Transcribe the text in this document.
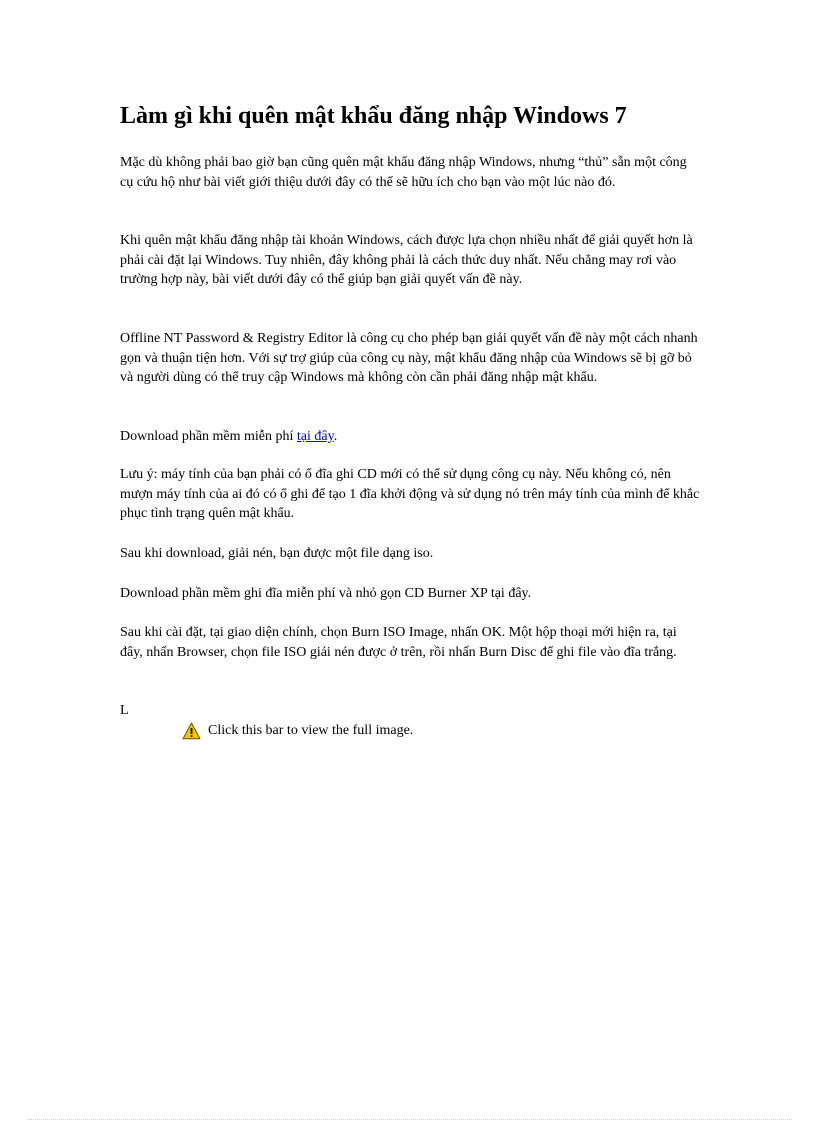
Làm gì khi quên mật khẩu đăng nhập Windows 7

Mặc dù không phải bao giờ bạn cũng quên mật khẩu đăng nhập Windows, nhưng “thủ” sẵn một công cụ cứu hộ như bài viết giới thiệu dưới đây có thể sẽ hữu ích cho bạn vào một lúc nào đó.

Khi quên mật khẩu đăng nhập tài khoản Windows, cách được lựa chọn nhiều nhất để giải quyết hơn là phải cài đặt lại Windows. Tuy nhiên, đây không phải là cách thức duy nhất. Nếu chẳng may rơi vào trường hợp này, bài viết dưới đây có thể giúp bạn giải quyết vấn đề này.

Offline NT Password & Registry Editor là công cụ cho phép bạn giải quyết vấn đề này một cách nhanh gọn và thuận tiện hơn. Với sự trợ giúp của công cụ này, mật khẩu đăng nhập của Windows sẽ bị gỡ bỏ và người dùng có thể truy cập Windows mà không còn cần phải đăng nhập mật khẩu.

Download phần mềm miễn phí tại đây.

Lưu ý: máy tính của bạn phải có ổ đĩa ghi CD mới có thể sử dụng công cụ này. Nếu không có, nên mượn máy tính của ai đó có ổ ghi để tạo 1 đĩa khởi động và sử dụng nó trên máy tính của mình để khắc phục tình trạng quên mật khẩu.

Sau khi download, giải nén, bạn được một file dạng iso.

Download phần mềm ghi đĩa miễn phí và nhỏ gọn CD Burner XP tại đây.

Sau khi cài đặt, tại giao diện chính, chọn Burn ISO Image, nhấn OK. Một hộp thoại mới hiện ra, tại đây, nhấn Browser, chọn file ISO giải nén được ở trên, rồi nhấn Burn Disc để ghi file vào đĩa trắng.

L

Click this bar to view the full image.
